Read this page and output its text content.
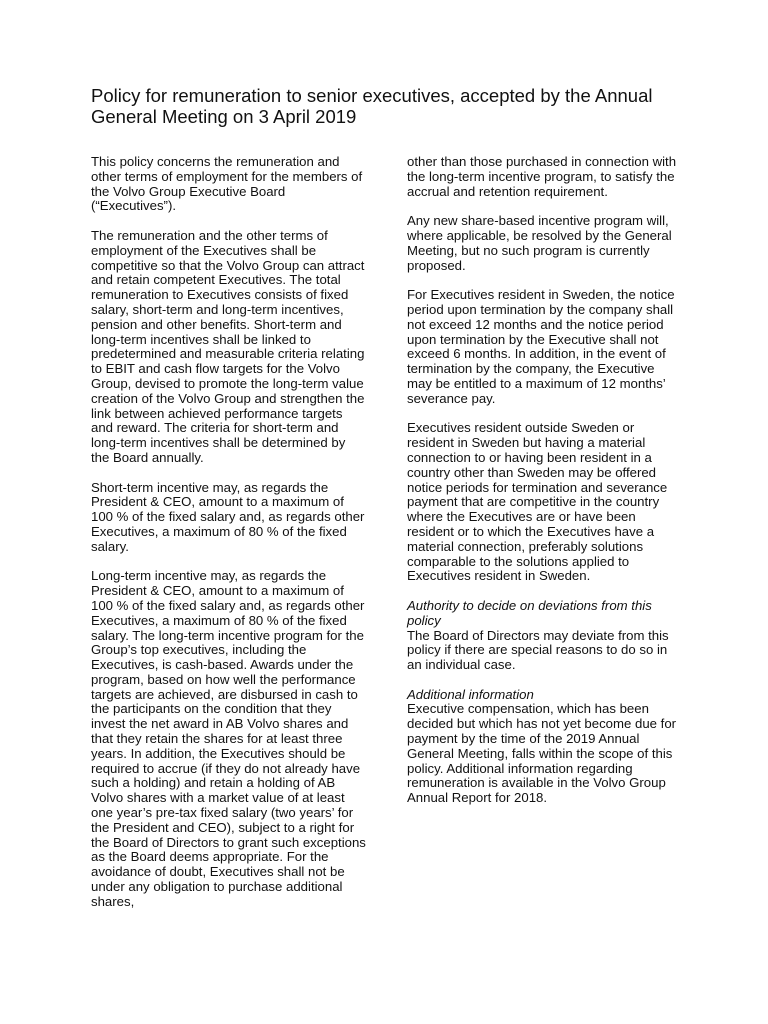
Policy for remuneration to senior executives, accepted by the Annual General Meeting on 3 April 2019

This policy concerns the remuneration and other terms of employment for the members of the Volvo Group Executive Board (“Executives”).

The remuneration and the other terms of employment of the Executives shall be competitive so that the Volvo Group can attract and retain competent Executives. The total remuneration to Executives consists of fixed salary, short-term and long-term incentives, pension and other benefits. Short-term and long-term incentives shall be linked to predetermined and measurable criteria relating to EBIT and cash flow targets for the Volvo Group, devised to promote the long-term value creation of the Volvo Group and strengthen the link between achieved performance targets and reward. The criteria for short-term and long-term incentives shall be determined by the Board annually.

Short-term incentive may, as regards the President & CEO, amount to a maximum of 100 % of the fixed salary and, as regards other Executives, a maximum of 80 % of the fixed salary.

Long-term incentive may, as regards the President & CEO, amount to a maximum of 100 % of the fixed salary and, as regards other Executives, a maximum of 80 % of the fixed salary. The long-term incentive program for the Group’s top executives, including the Executives, is cash-based. Awards under the program, based on how well the performance targets are achieved, are disbursed in cash to the participants on the condition that they invest the net award in AB Volvo shares and that they retain the shares for at least three years. In addition, the Executives should be required to accrue (if they do not already have such a holding) and retain a holding of AB Volvo shares with a market value of at least one year’s pre-tax fixed salary (two years’ for the President and CEO), subject to a right for the Board of Directors to grant such exceptions as the Board deems appropriate. For the avoidance of doubt, Executives shall not be under any obligation to purchase additional shares,

other than those purchased in connection with the long-term incentive program, to satisfy the accrual and retention requirement.

Any new share-based incentive program will, where applicable, be resolved by the General Meeting, but no such program is currently proposed.

For Executives resident in Sweden, the notice period upon termination by the company shall not exceed 12 months and the notice period upon termination by the Executive shall not exceed 6 months. In addition, in the event of termination by the company, the Executive may be entitled to a maximum of 12 months’ severance pay.

Executives resident outside Sweden or resident in Sweden but having a material connection to or having been resident in a country other than Sweden may be offered notice periods for termination and severance payment that are competitive in the country where the Executives are or have been resident or to which the Executives have a material connection, preferably solutions comparable to the solutions applied to Executives resident in Sweden.

Authority to decide on deviations from this policy
The Board of Directors may deviate from this policy if there are special reasons to do so in an individual case.

Additional information
Executive compensation, which has been decided but which has not yet become due for payment by the time of the 2019 Annual General Meeting, falls within the scope of this policy. Additional information regarding remuneration is available in the Volvo Group Annual Report for 2018.
